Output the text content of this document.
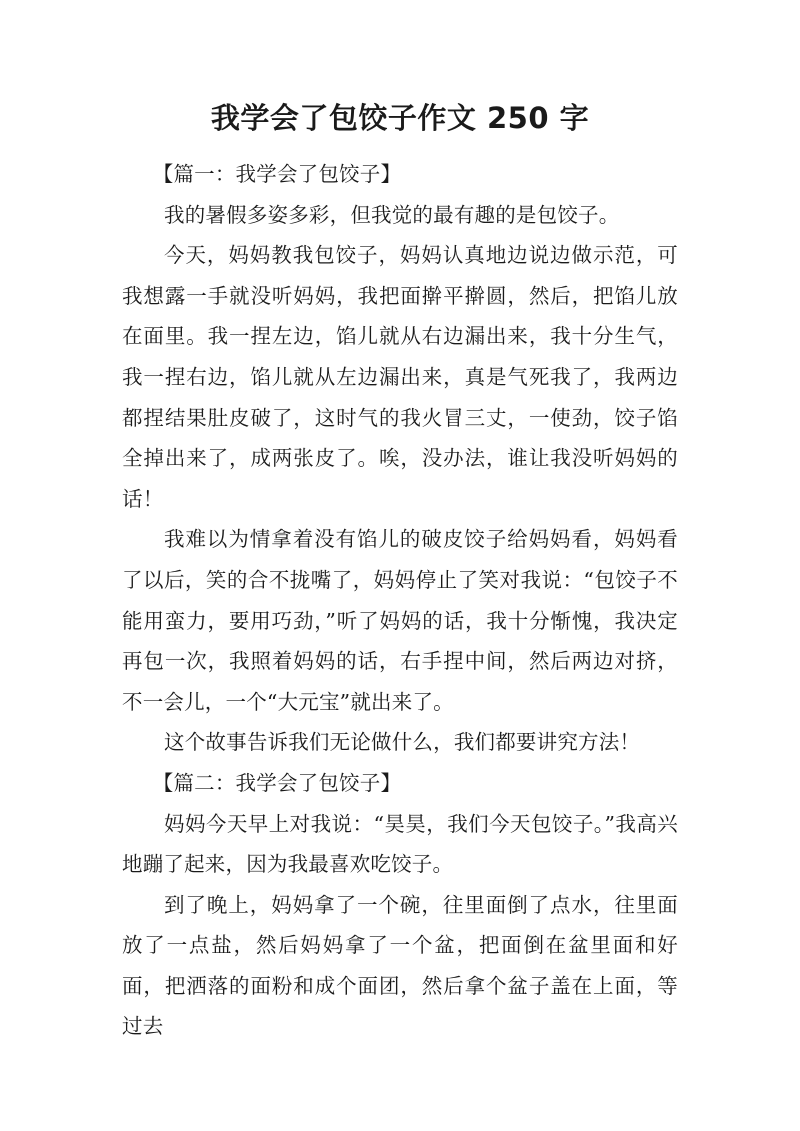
我学会了包饺子作文 250 字

【篇一：我学会了包饺子】

我的暑假多姿多彩，但我觉的最有趣的是包饺子。

今天，妈妈教我包饺子，妈妈认真地边说边做示范，可我想露一手就没听妈妈，我把面擀平擀圆，然后，把馅儿放在面里。我一捏左边，馅儿就从右边漏出来，我十分生气，我一捏右边，馅儿就从左边漏出来，真是气死我了，我两边都捏结果肚皮破了，这时气的我火冒三丈，一使劲，饺子馅全掉出来了，成两张皮了。唉，没办法，谁让我没听妈妈的话！

我难以为情拿着没有馅儿的破皮饺子给妈妈看，妈妈看了以后，笑的合不拢嘴了，妈妈停止了笑对我说：“包饺子不能用蛮力，要用巧劲，”听了妈妈的话，我十分惭愧，我决定再包一次，我照着妈妈的话，右手捏中间，然后两边对挤，不一会儿，一个“大元宝”就出来了。

这个故事告诉我们无论做什么，我们都要讲究方法！

【篇二：我学会了包饺子】

妈妈今天早上对我说：“昊昊，我们今天包饺子。”我高兴地蹦了起来，因为我最喜欢吃饺子。

到了晚上，妈妈拿了一个碗，往里面倒了点水，往里面放了一点盐，然后妈妈拿了一个盆，把面倒在盆里面和好面，把洒落的面粉和成个面团，然后拿个盆子盖在上面，等过去
